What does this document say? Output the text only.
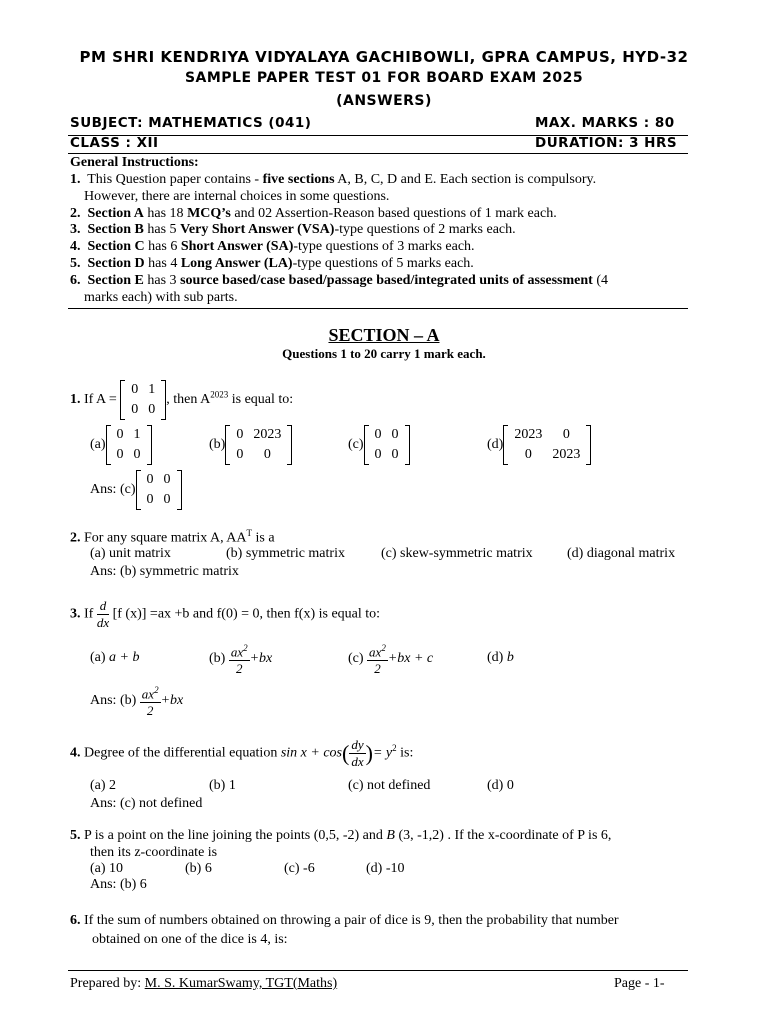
PM SHRI KENDRIYA VIDYALAYA GACHIBOWLI, GPRA CAMPUS, HYD-32
SAMPLE PAPER TEST 01 FOR BOARD EXAM 2025
(ANSWERS)
SUBJECT: MATHEMATICS (041)	MAX. MARKS : 80
CLASS : XII	DURATION: 3 HRS
General Instructions:
1. This Question paper contains - five sections A, B, C, D and E. Each section is compulsory.
However, there are internal choices in some questions.
2. Section A has 18 MCQ’s and 02 Assertion-Reason based questions of 1 mark each.
3. Section B has 5 Very Short Answer (VSA)-type questions of 2 marks each.
4. Section C has 6 Short Answer (SA)-type questions of 3 marks each.
5. Section D has 4 Long Answer (LA)-type questions of 5 marks each.
6. Section E has 3 source based/case based/passage based/integrated units of assessment (4
marks each) with sub parts.
SECTION – A
Questions 1 to 20 carry 1 mark each.
1. If A =
0	1
0	0
, then $A^{2023}$ is equal to:
(a)
0	1
0	0
(b)
0	2023
0	0
(c)
0	0
0	0
(d)
2023	0
0	2023
Ans: (c)
0	0
0	0
2. For any square matrix A, $AA^T$ is a
(a) unit matrix	(b) symmetric matrix	(c) skew-symmetric matrix (d) diagonal matrix
Ans: (b) symmetric matrix
3. If $\frac{d}{dx} [f$ (x)] =ax +b and f(0) = 0, then f(x) is equal to:
(a) a + b	$(b) \frac{ax^2}{2} +bx$	$(c) \frac{ax^2}{2} +bx + c$	(d) b
Ans: $(b) \frac{ax^2}{2} +bx$
4. Degree of the differential equation $\sin x + \cos( \frac{dy}{dx}$ )= $y^2$ is:
(a) 2	(b) 1	(c) not defined	(d) 0
Ans: (c) not defined
5. P is a point on the line joining the points (0,5, -2) and B (3, -1,2) . If the x-coordinate of P is 6,
then its z-coordinate is
(a) 10	(b) 6	(c) -6	(d) -10
Ans: (b) 6
6. If the sum of numbers obtained on throwing a pair of dice is 9, then the probability that number
obtained on one of the dice is 4, is:
Prepared by: M. S. KumarSwamy, TGT(Maths)	Page - 1-
